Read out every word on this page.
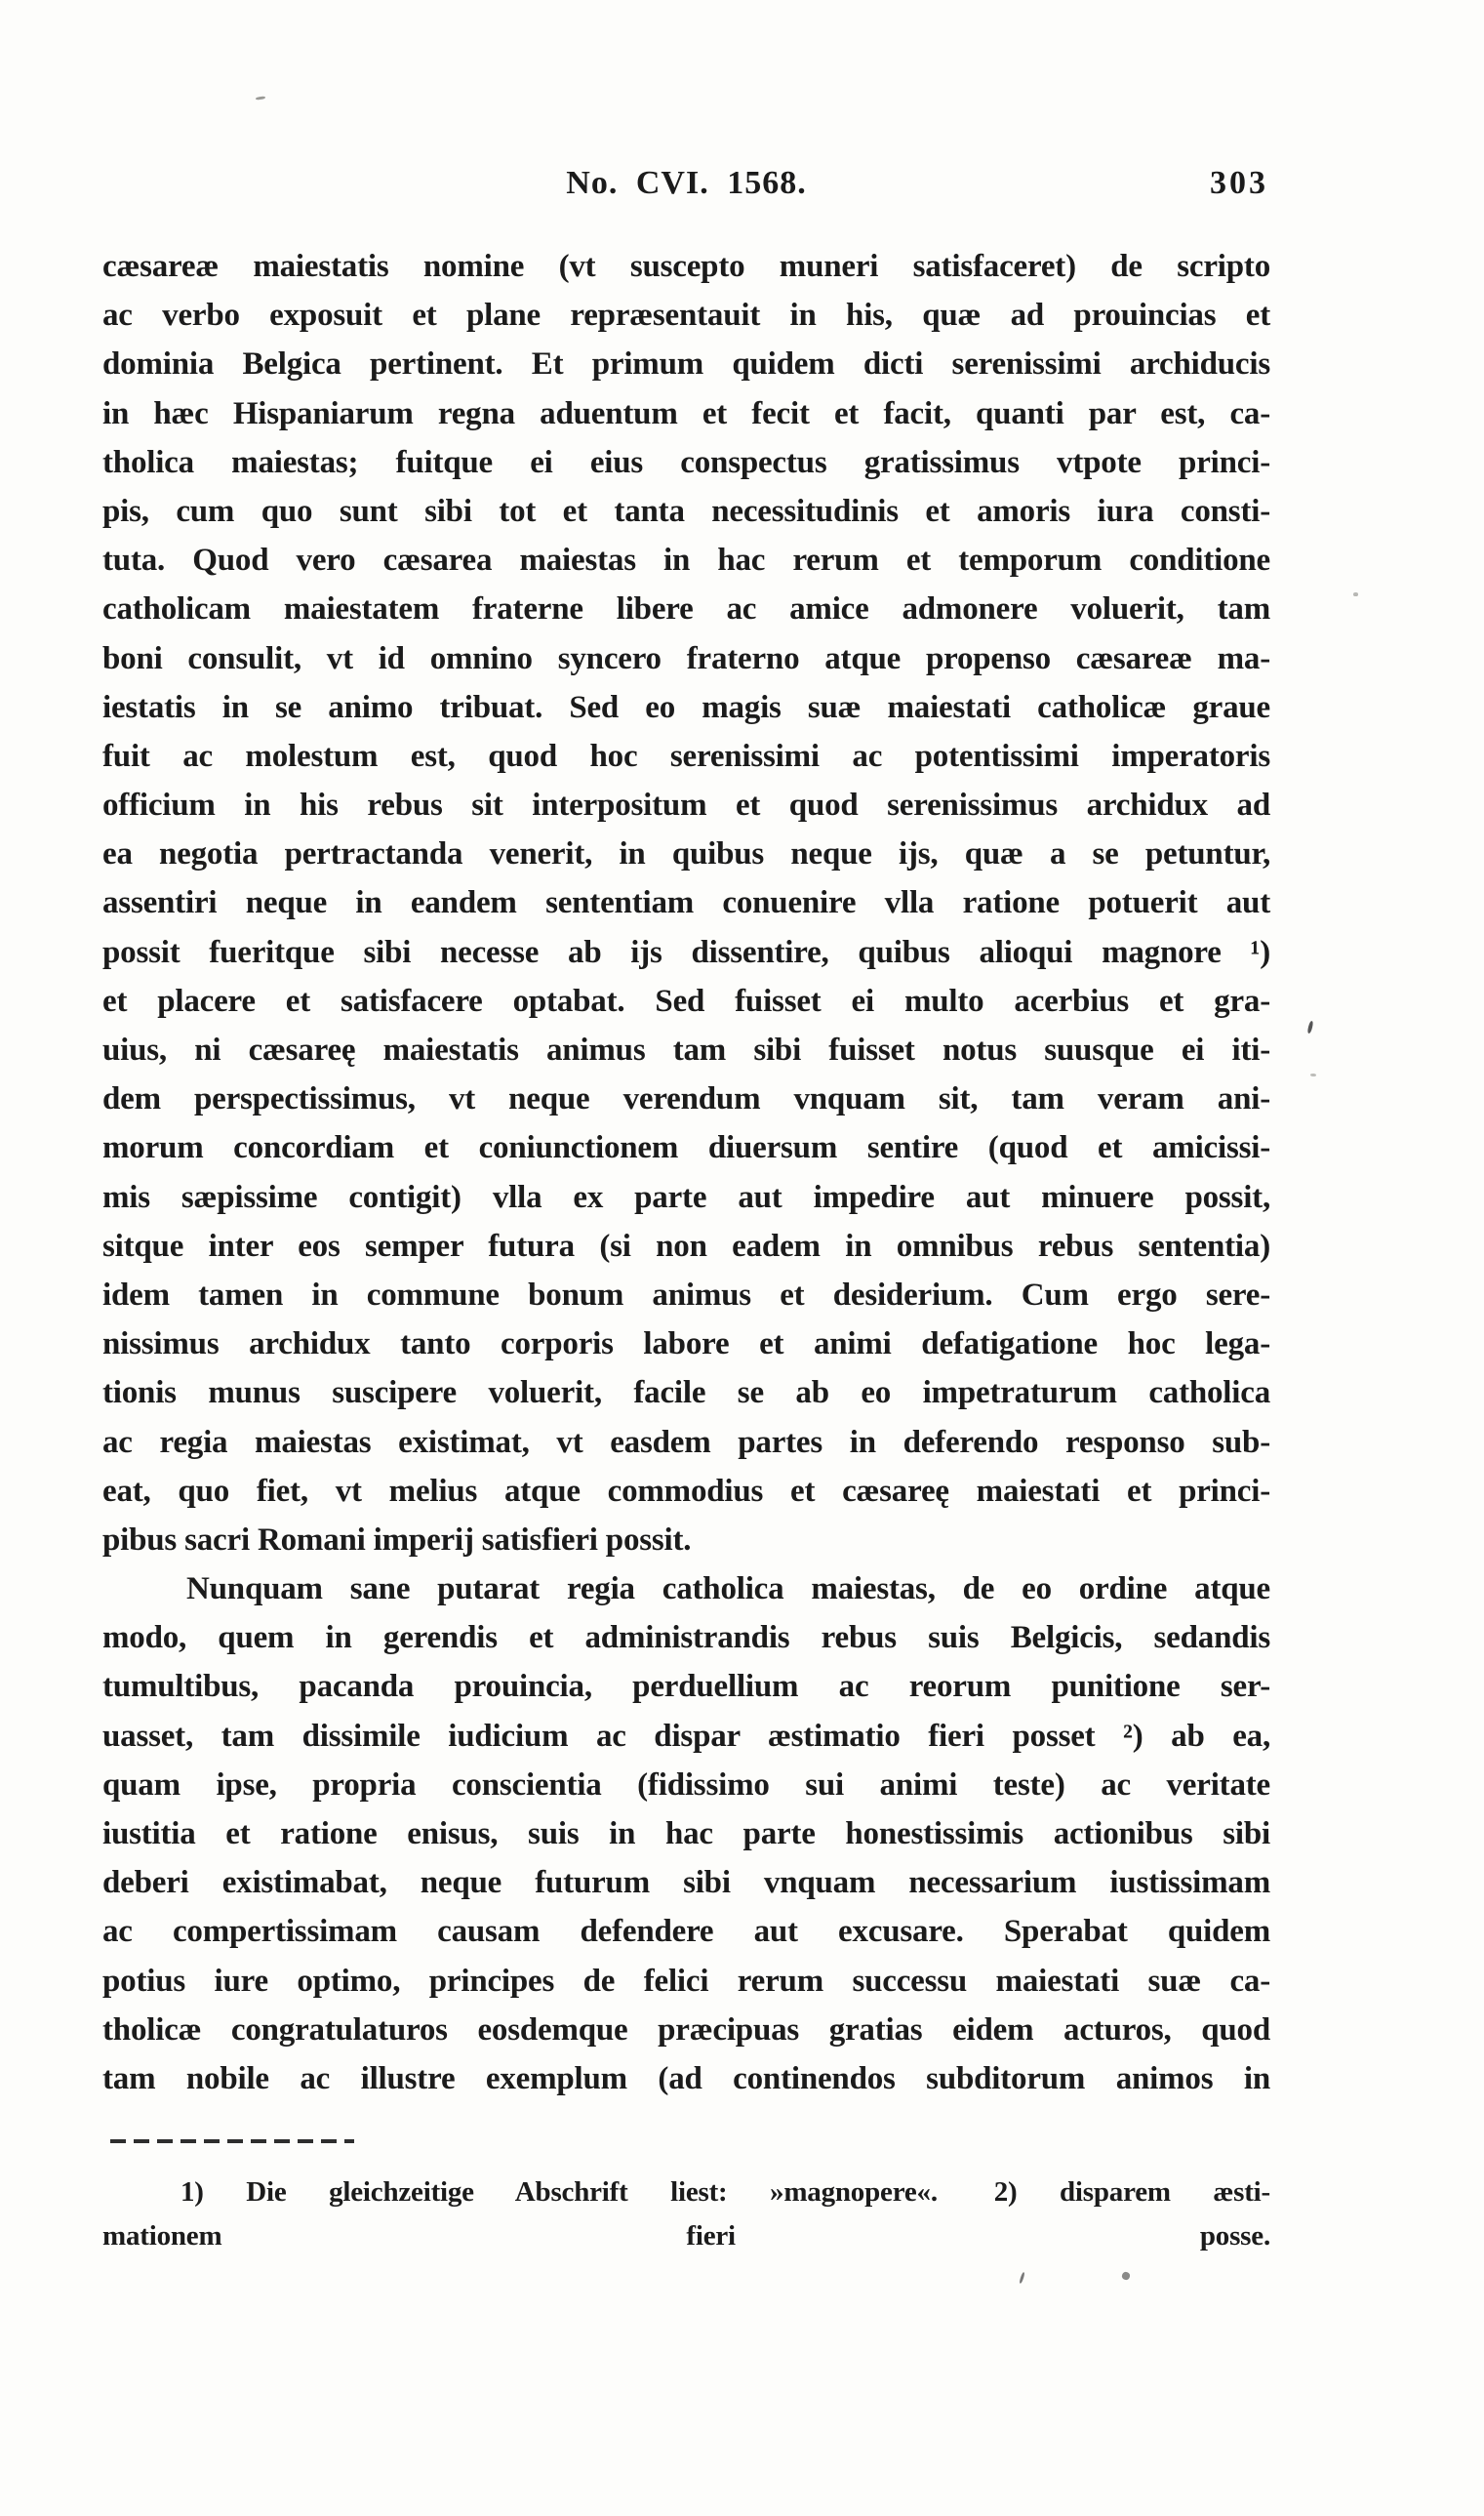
No. CVI. 1568.	303
cæsareæ maiestatis nomine (vt suscepto muneri satisfaceret) de scripto
ac verbo exposuit et plane repræsentauit in his, quæ ad prouincias et
dominia Belgica pertinent. Et primum quidem dicti serenissimi archiducis
in hæc Hispaniarum regna aduentum et fecit et facit, quanti par est, ca-
tholica maiestas; fuitque ei eius conspectus gratissimus vtpote princi-
pis, cum quo sunt sibi tot et tanta necessitudinis et amoris iura consti-
tuta. Quod vero cæsarea maiestas in hac rerum et temporum conditione
catholicam maiestatem fraterne libere ac amice admonere voluerit, tam
boni consulit, vt id omnino syncero fraterno atque propenso cæsareæ ma-
iestatis in se animo tribuat. Sed eo magis suæ maiestati catholicæ graue
fuit ac molestum est, quod hoc serenissimi ac potentissimi imperatoris
officium in his rebus sit interpositum et quod serenissimus archidux ad
ea negotia pertractanda venerit, in quibus neque ijs, quæ a se petuntur,
assentiri neque in eandem sententiam conuenire vlla ratione potuerit aut
possit fueritque sibi necesse ab ijs dissentire, quibus alioqui magnore ¹)
et placere et satisfacere optabat. Sed fuisset ei multo acerbius et gra-
uius, ni cæsareę maiestatis animus tam sibi fuisset notus suusque ei iti-
dem perspectissimus, vt neque verendum vnquam sit, tam veram ani-
morum concordiam et coniunctionem diuersum sentire (quod et amicissi-
mis sæpissime contigit) vlla ex parte aut impedire aut minuere possit,
sitque inter eos semper futura (si non eadem in omnibus rebus sententia)
idem tamen in commune bonum animus et desiderium. Cum ergo sere-
nissimus archidux tanto corporis labore et animi defatigatione hoc lega-
tionis munus suscipere voluerit, facile se ab eo impetraturum catholica
ac regia maiestas existimat, vt easdem partes in deferendo responso sub-
eat, quo fiet, vt melius atque commodius et cæsareę maiestati et princi-
pibus sacri Romani imperij satisfieri possit.
Nunquam sane putarat regia catholica maiestas, de eo ordine atque
modo, quem in gerendis et administrandis rebus suis Belgicis, sedandis
tumultibus, pacanda prouincia, perduellium ac reorum punitione ser-
uasset, tam dissimile iudicium ac dispar æstimatio fieri posset ²) ab ea,
quam ipse, propria conscientia (fidissimo sui animi teste) ac veritate
iustitia et ratione enisus, suis in hac parte honestissimis actionibus sibi
deberi existimabat, neque futurum sibi vnquam necessarium iustissimam
ac compertissimam causam defendere aut excusare. Sperabat quidem
potius iure optimo, principes de felici rerum successu maiestati suæ ca-
tholicæ congratulaturos eosdemque præcipuas gratias eidem acturos, quod
tam nobile ac illustre exemplum (ad continendos subditorum animos in
1) Die gleichzeitige Abschrift liest: »magnopere«.  2) disparem æsti-
mationem fieri posse.
